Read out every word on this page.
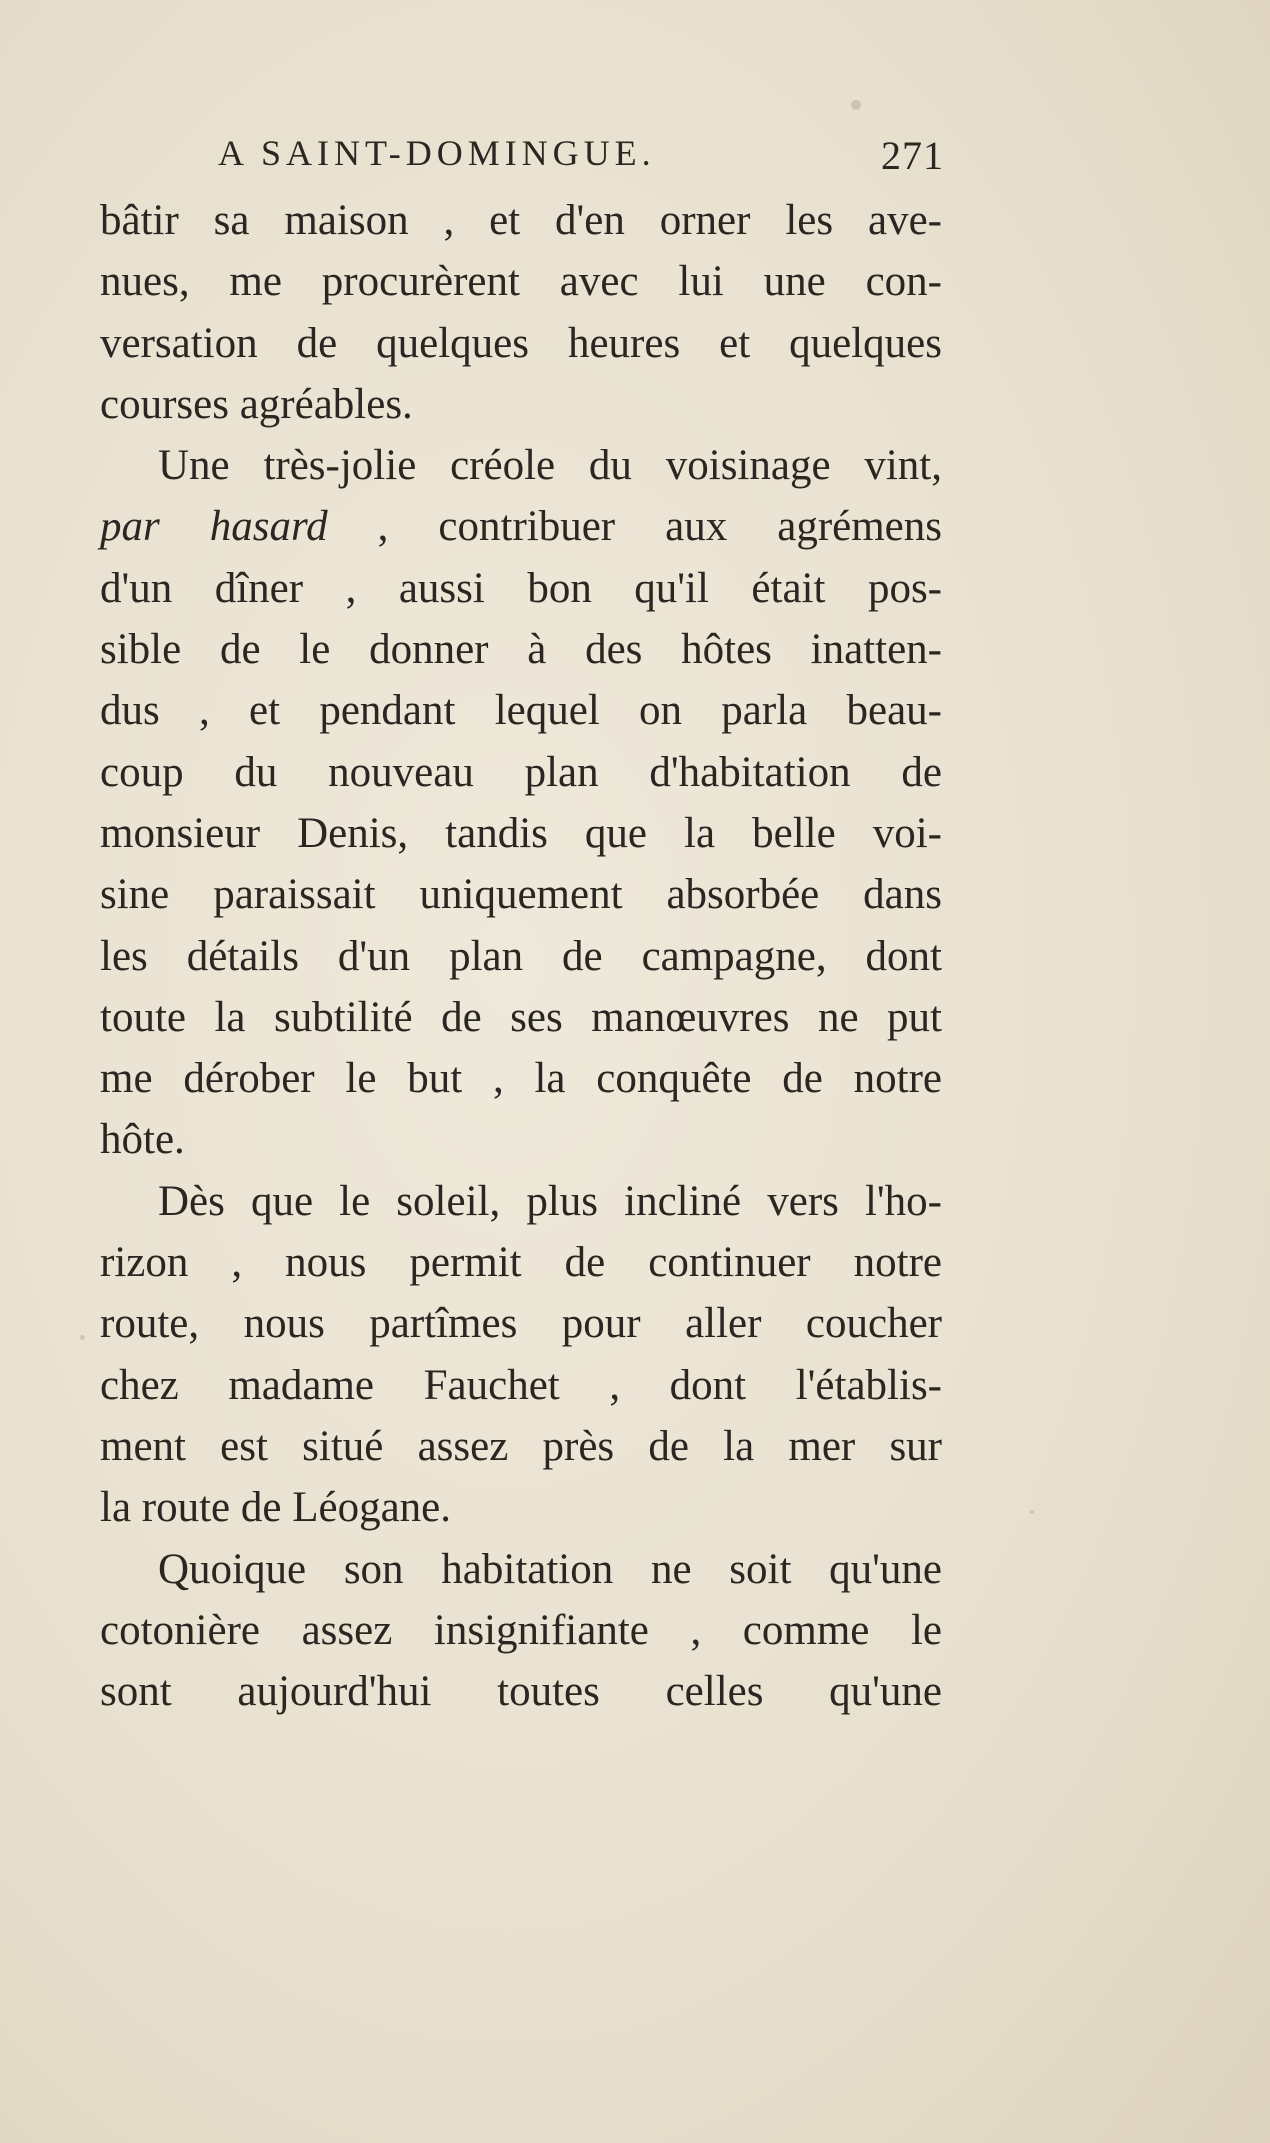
A SAINT-DOMINGUE.	271
bâtir sa maison , et d'en orner les ave-
nues, me procurèrent avec lui une con-
versation de quelques heures et quelques
courses agréables.
Une très-jolie créole du voisinage vint,
par hasard , contribuer aux agrémens
d'un dîner , aussi bon qu'il était pos-
sible de le donner à des hôtes inatten-
dus , et pendant lequel on parla beau-
coup du nouveau plan d'habitation de
monsieur Denis, tandis que la belle voi-
sine paraissait uniquement absorbée dans
les détails d'un plan de campagne, dont
toute la subtilité de ses manœuvres ne put
me dérober le but , la conquête de notre
hôte.
Dès que le soleil, plus incliné vers l'ho-
rizon , nous permit de continuer notre
route, nous partîmes pour aller coucher
chez madame Fauchet , dont l'établis-
ment est situé assez près de la mer sur
la route de Léogane.
Quoique son habitation ne soit qu'une
cotonière assez insignifiante , comme le
sont aujourd'hui toutes celles qu'une
